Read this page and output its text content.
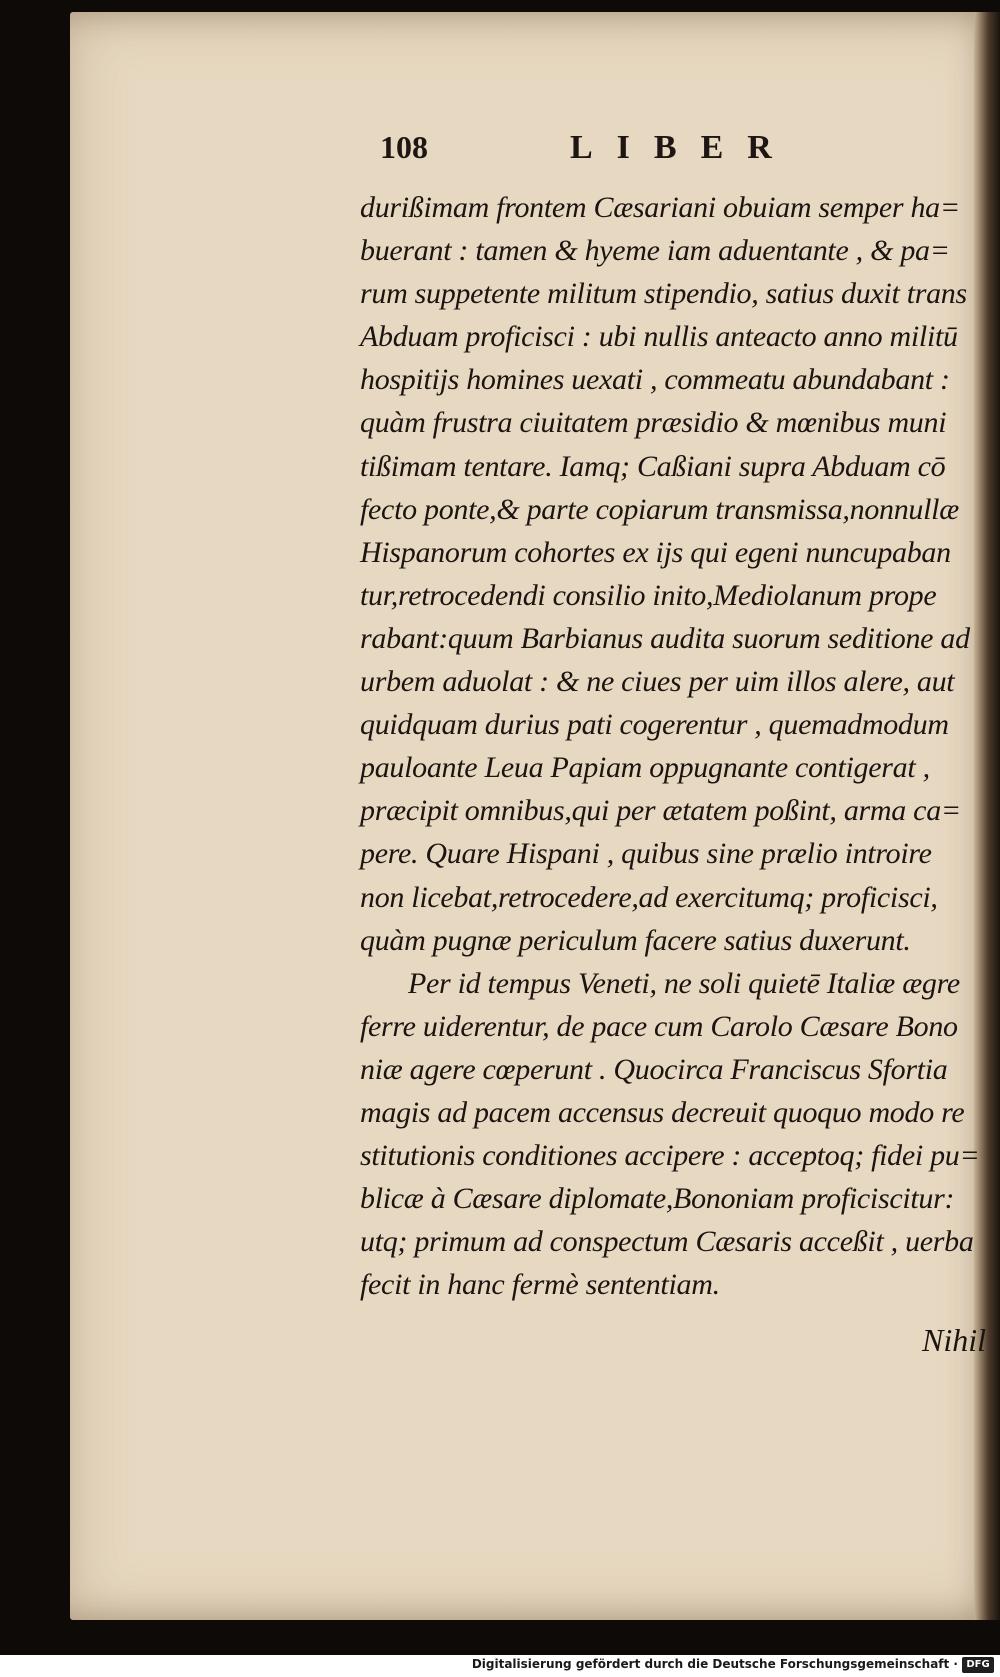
108	LIBER
durißimam frontem Cæsariani obuiam semper ha=
buerant : tamen & hyeme iam aduentante , & pa=
rum suppetente militum stipendio, satius duxit trans
Abduam proficisci : ubi nullis anteacto anno militū
hospitijs homines uexati , commeatu abundabant :
quàm frustra ciuitatem præsidio & mœnibus muni
tißimam tentare. Iamq; Caßiani supra Abduam cō
fecto ponte,& parte copiarum transmissa,nonnullæ
Hispanorum cohortes ex ijs qui egeni nuncupaban
tur,retrocedendi consilio inito,Mediolanum prope
rabant:quum Barbianus audita suorum seditione ad
urbem aduolat : & ne ciues per uim illos alere, aut
quidquam durius pati cogerentur , quemadmodum
pauloante Leua Papiam oppugnante contigerat ,
præcipit omnibus,qui per ætatem poßint, arma ca=
pere. Quare Hispani , quibus sine prælio introire
non licebat,retrocedere,ad exercitumq; proficisci,
quàm pugnæ periculum facere satius duxerunt.
Per id tempus Veneti, ne soli quietē Italiæ ægre
ferre uiderentur, de pace cum Carolo Cæsare Bono
niæ agere cœperunt . Quocirca Franciscus Sfortia
magis ad pacem accensus decreuit quoquo modo re
stitutionis conditiones accipere : acceptoq; fidei pu=
blicæ à Cæsare diplomate,Bononiam proficiscitur:
utq; primum ad conspectum Cæsaris acceßit , uerba
fecit in hanc fermè sententiam.
Nihil
Digitalisierung gefördert durch die Deutsche Forschungsgemeinschaft · DFG
